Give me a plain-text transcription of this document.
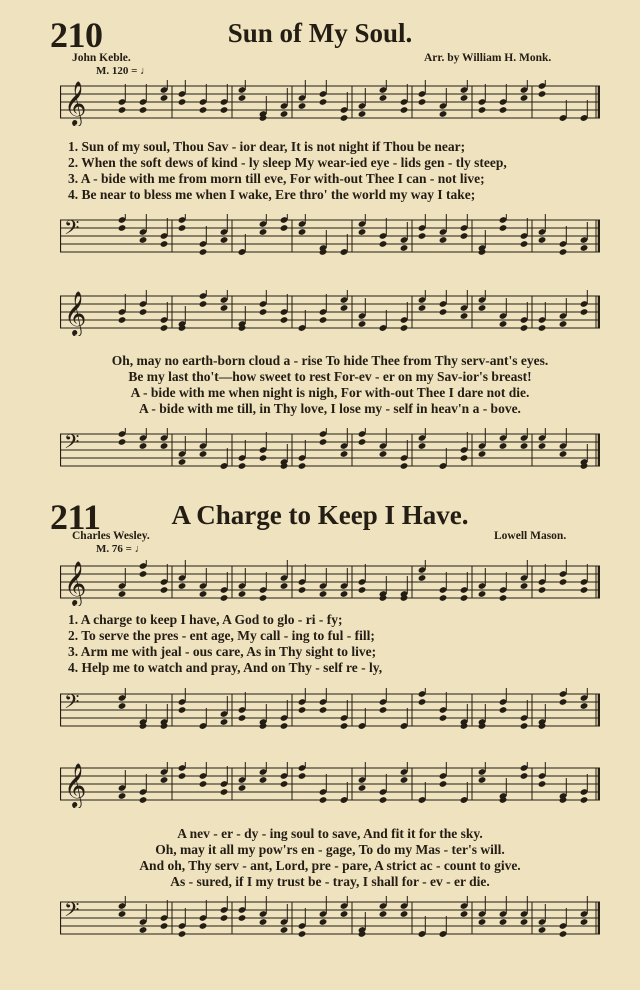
210	Sun of My Soul.
John Keble.	Arr. by William H. Monk.
M. 120 = ♩
𝄞
1. Sun of my soul, Thou Sav - ior dear, It is not night if Thou be near;
2. When the soft dews of kind - ly sleep My wear-ied eye - lids gen - tly steep,
3. A - bide with me from morn till eve, For with-out Thee I can - not live;
4. Be near to bless me when I wake, Ere thro' the world my way I take;
𝄢
𝄞
Oh, may no earth-born cloud a - rise To hide Thee from Thy serv-ant's eyes.
Be my last tho't—how sweet to rest For-ev - er on my Sav-ior's breast!
A - bide with me when night is nigh, For with-out Thee I dare not die.
A - bide with me till, in Thy love, I lose my - self in heav'n a - bove.
𝄢
211	A Charge to Keep I Have.
Charles Wesley.	Lowell Mason.
M. 76 = ♩
𝄞
1. A charge to keep I have, A God to glo - ri - fy;
2. To serve the pres - ent age, My call - ing to ful - fill;
3. Arm me with jeal - ous care, As in Thy sight to live;
4. Help me to watch and pray, And on Thy - self re - ly,
𝄢
𝄞
A nev - er - dy - ing soul to save, And fit it for the sky.
Oh, may it all my pow'rs en - gage, To do my Mas - ter's will.
And oh, Thy serv - ant, Lord, pre - pare, A strict ac - count to give.
As - sured, if I my trust be - tray, I shall for - ev - er die.
𝄢
